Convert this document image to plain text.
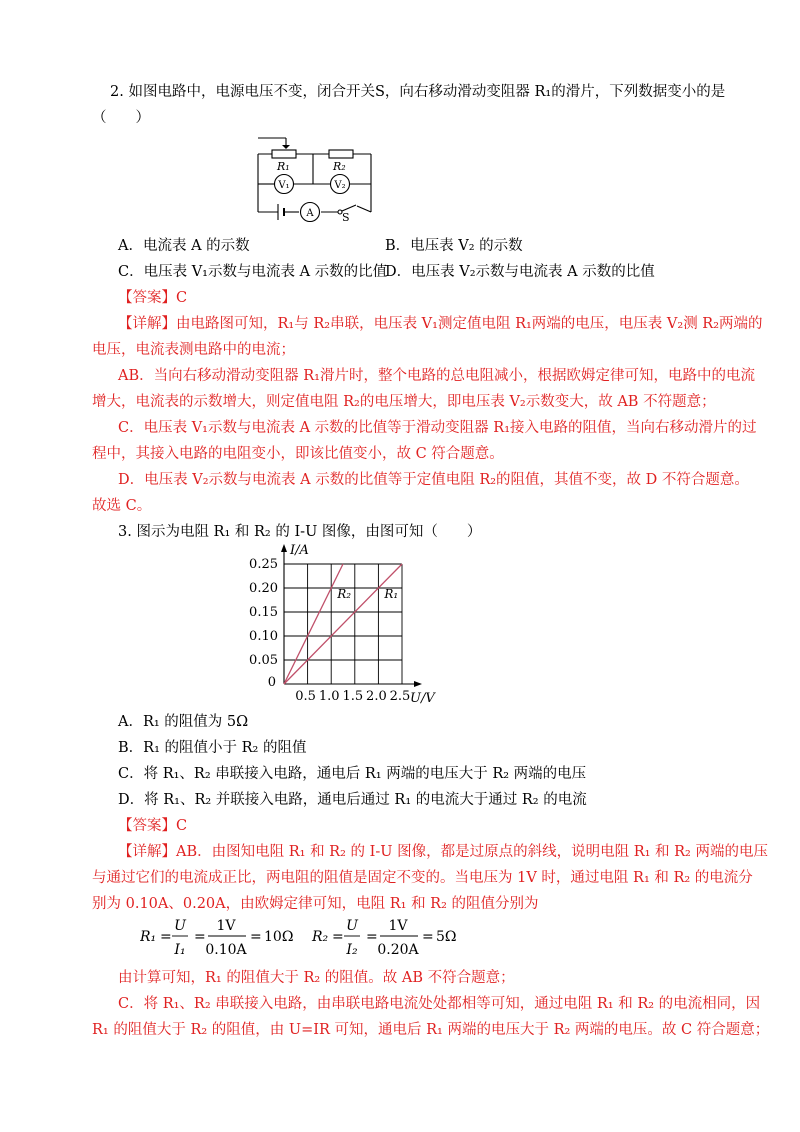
2. 如图电路中，电源电压不变，闭合开关S，向右移动滑动变阻器 R₁的滑片，下列数据变小的是
（　　）
R₁	R₂
V₁	V₂
A	S
A．电流表 A 的示数	B．电压表 V₂ 的示数
C．电压表 V₁示数与电流表 A 示数的比值
D．电压表 V₂示数与电流表 A 示数的比值
【答案】C
【详解】由电路图可知，R₁与 R₂串联，电压表 V₁测定值电阻 R₁两端的电压，电压表 V₂测 R₂两端的
电压，电流表测电路中的电流；
AB．当向右移动滑动变阻器 R₁滑片时，整个电路的总电阻减小，根据欧姆定律可知，电路中的电流
增大，电流表的示数增大，则定值电阻 R₂的电压增大，即电压表 V₂示数变大，故 AB 不符题意；
C．电压表 V₁示数与电流表 A 示数的比值等于滑动变阻器 R₁接入电路的阻值，当向右移动滑片的过
程中，其接入电路的电阻变小，即该比值变小，故 C 符合题意。
D．电压表 V₂示数与电流表 A 示数的比值等于定值电阻 R₂的阻值，其值不变，故 D 不符合题意。
故选 C。
3. 图示为电阻 R₁ 和 R₂ 的 I-U 图像，由图可知（　　）
0.5 1.0 1.5 2.0 2.5
0.05
0.10
0.15
0.20
0.25
0
U/V
I/A
R₂	R₁
A．R₁ 的阻值为 5Ω
B．R₁ 的阻值小于 R₂ 的阻值
C．将 R₁、R₂ 串联接入电路，通电后 R₁ 两端的电压大于 R₂ 两端的电压
D．将 R₁、R₂ 并联接入电路，通电后通过 R₁ 的电流大于通过 R₂ 的电流
【答案】C
【详解】AB．由图知电阻 R₁ 和 R₂ 的 I-U 图像，都是过原点的斜线，说明电阻 R₁ 和 R₂ 两端的电压
与通过它们的电流成正比，两电阻的阻值是固定不变的。当电压为 1V 时，通过电阻 R₁ 和 R₂ 的电流分
别为 0.10A、0.20A，由欧姆定律可知，电阻 R₁ 和 R₂ 的阻值分别为
R₁ =
U
I₁
=
1V
0.10A
= 10Ω R₂ =
U
I₂
=
1V
0.20A
= 5Ω
由计算可知，R₁ 的阻值大于 R₂ 的阻值。故 AB 不符合题意；
C．将 R₁、R₂ 串联接入电路，由串联电路电流处处都相等可知，通过电阻 R₁ 和 R₂ 的电流相同，因
R₁ 的阻值大于 R₂ 的阻值，由 U=IR 可知，通电后 R₁ 两端的电压大于 R₂ 两端的电压。故 C 符合题意；
